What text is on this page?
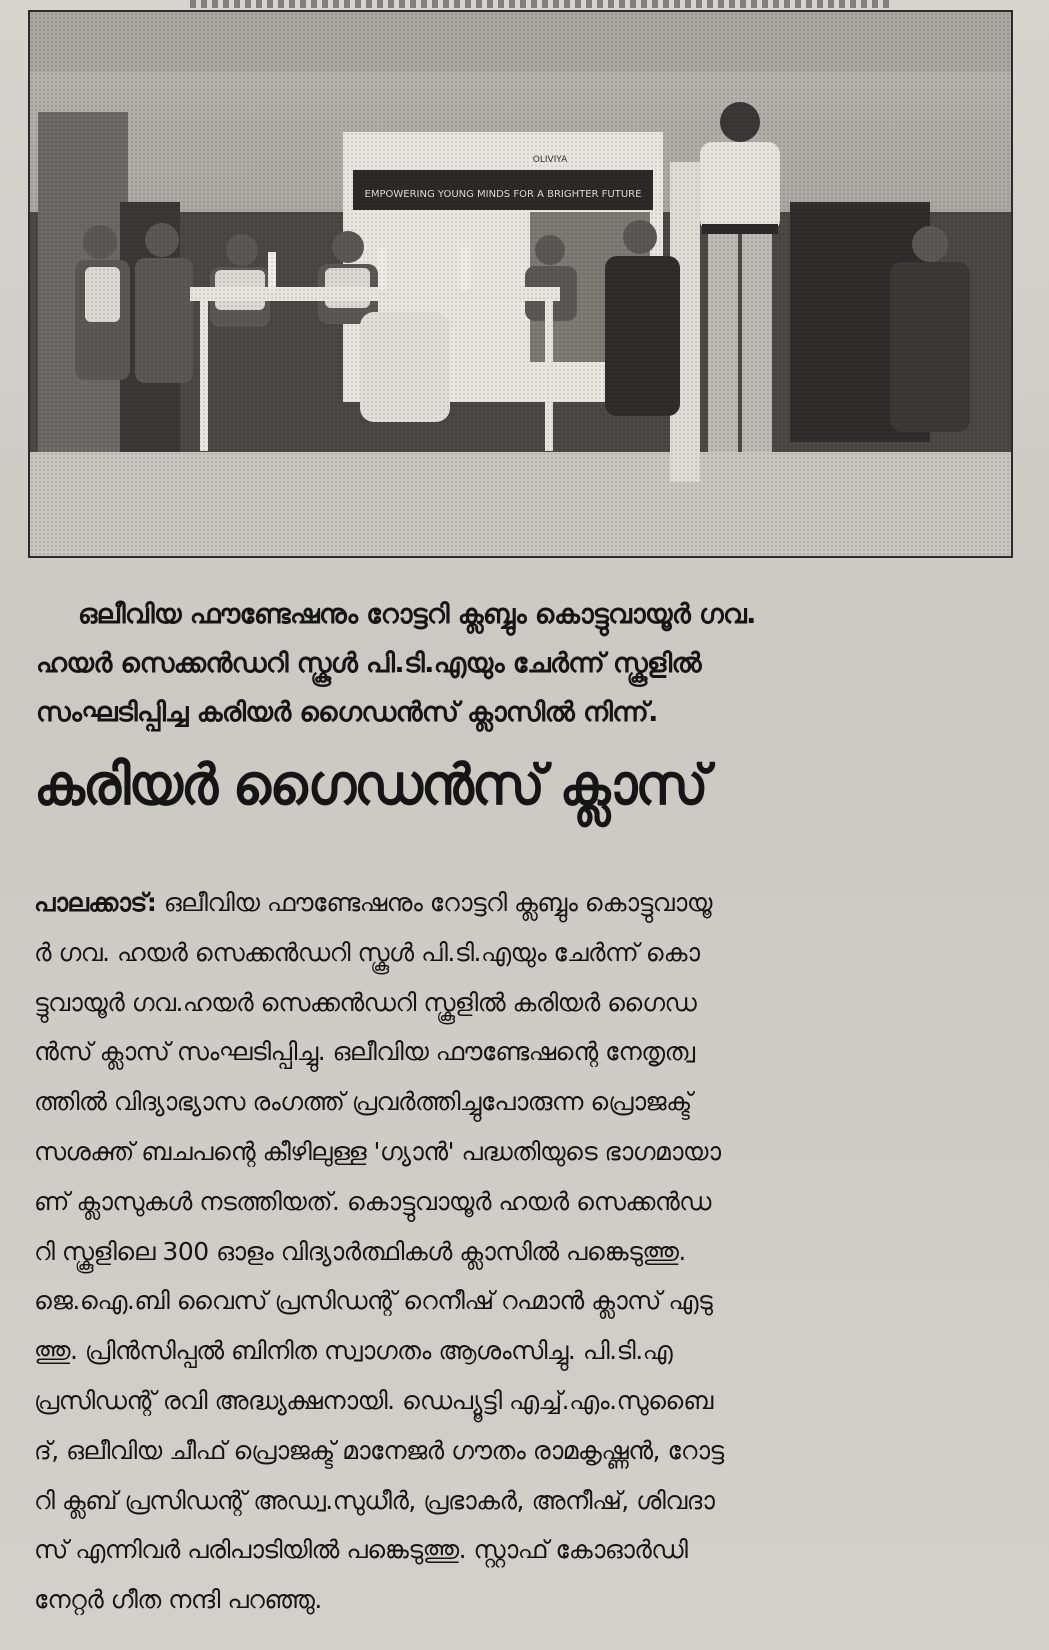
ഒലീവിയ ഫൗണ്ടേഷനും റോട്ടറി ക്ലബ്ബും കൊട്ടുവായൂർ ഗവ.
ഹയർ സെക്കൻഡറി സ്കൂൾ പി.ടി.എയും ചേർന്ന് സ്കൂളിൽ
സംഘടിപ്പിച്ച കരിയർ ഗൈഡൻസ് ക്ലാസിൽ നിന്ന്.
കരിയർ ഗൈഡൻസ് ക്ലാസ്
പാലക്കാട്: ഒലീവിയ ഫൗണ്ടേഷനും റോട്ടറി ക്ലബ്ബും കൊട്ടുവായൂ
ർ ഗവ. ഹയർ സെക്കൻഡറി സ്കൂൾ പി.ടി.എയും ചേർന്ന് കൊ
ട്ടുവായൂർ ഗവ.ഹയർ സെക്കൻഡറി സ്കൂളിൽ കരിയർ ഗൈഡ
ൻസ് ക്ലാസ് സംഘടിപ്പിച്ചു. ഒലീവിയ ഫൗണ്ടേഷന്റെ നേതൃത്വ
ത്തിൽ വിദ്യാഭ്യാസ രംഗത്ത് പ്രവർത്തിച്ചുപോരുന്ന പ്രൊജക്ട്
സശക്ത് ബചപന്റെ കീഴിലുള്ള 'ഗ്യാൻ' പദ്ധതിയുടെ ഭാഗമായാ
ണ് ക്ലാസുകൾ നടത്തിയത്. കൊട്ടുവായൂർ ഹയർ സെക്കൻഡ
റി സ്കൂളിലെ 300 ഓളം വിദ്യാർത്ഥികൾ ക്ലാസിൽ പങ്കെടുത്തു.
ജെ.ഐ.ബി വൈസ് പ്രസിഡന്റ് റെനീഷ് റഹ്മാൻ ക്ലാസ് എടു
ത്തു. പ്രിൻസിപ്പൽ ബിനിത സ്വാഗതം ആശംസിച്ചു. പി.ടി.എ
പ്രസിഡന്റ് രവി അദ്ധ്യക്ഷനായി. ഡെപ്യൂട്ടി എച്ച്.എം.സുബൈ
ദ്, ഒലീവിയ ചീഫ് പ്രൊജക്ട് മാനേജർ ഗൗതം രാമകൃഷ്ണൻ, റോട്ട
റി ക്ലബ് പ്രസിഡന്റ് അഡ്വ.സുധീർ, പ്രഭാകർ, അനീഷ്, ശിവദാ
സ് എന്നിവർ പരിപാടിയിൽ പങ്കെടുത്തു. സ്റ്റാഫ് കോഓർഡി
നേറ്റർ ഗീത നന്ദി പറഞ്ഞു.
